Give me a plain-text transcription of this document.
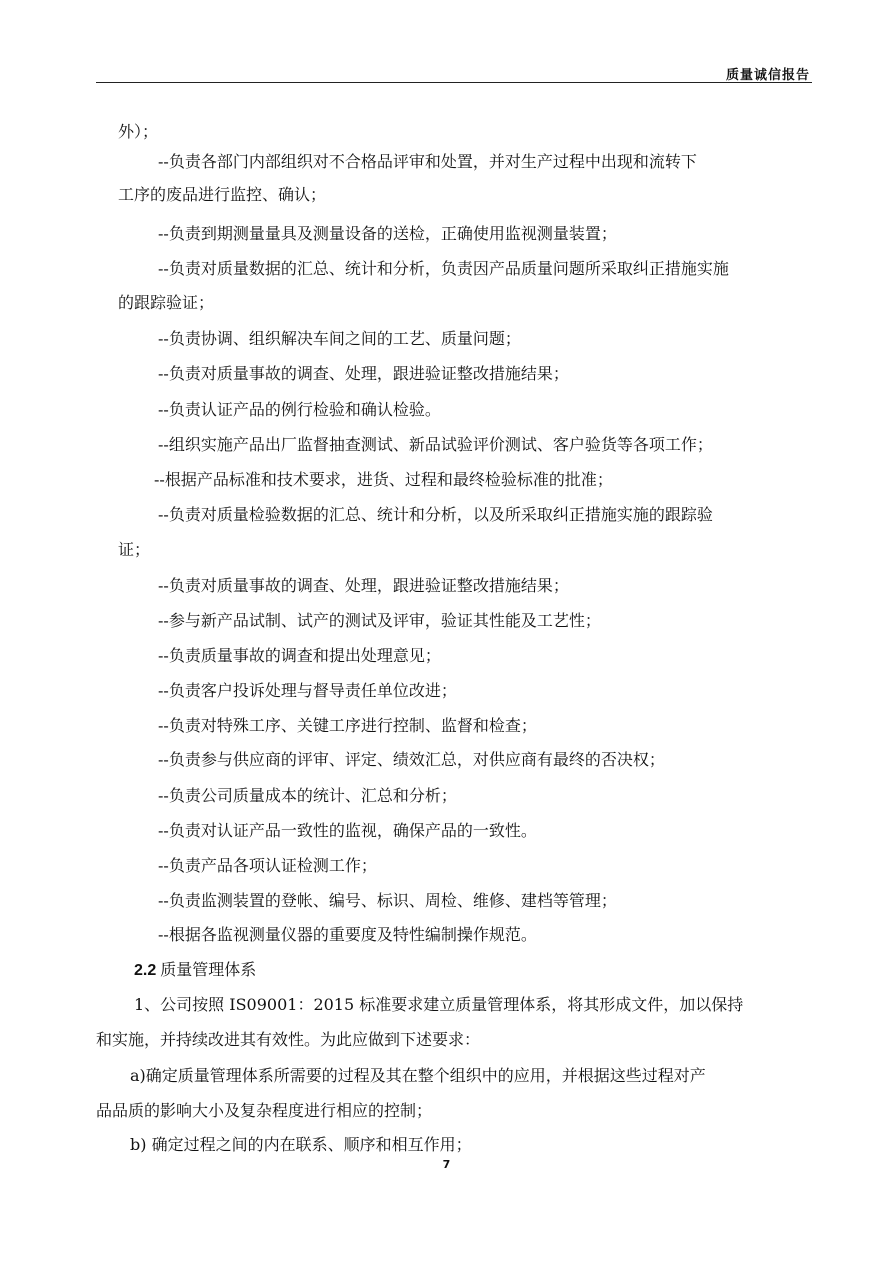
质量诚信报告
外）；
--负责各部门内部组织对不合格品评审和处置，并对生产过程中出现和流转下
工序的废品进行监控、确认；
--负责到期测量量具及测量设备的送检，正确使用监视测量装置；
--负责对质量数据的汇总、统计和分析，负责因产品质量问题所采取纠正措施实施
的跟踪验证；
--负责协调、组织解决车间之间的工艺、质量问题；
--负责对质量事故的调查、处理，跟进验证整改措施结果；
--负责认证产品的例行检验和确认检验。
--组织实施产品出厂监督抽查测试、新品试验评价测试、客户验货等各项工作；
--根据产品标准和技术要求，进货、过程和最终检验标准的批准；
--负责对质量检验数据的汇总、统计和分析，以及所采取纠正措施实施的跟踪验
证；
--负责对质量事故的调查、处理，跟进验证整改措施结果；
--参与新产品试制、试产的测试及评审，验证其性能及工艺性；
--负责质量事故的调查和提出处理意见；
--负责客户投诉处理与督导责任单位改进；
--负责对特殊工序、关键工序进行控制、监督和检查；
--负责参与供应商的评审、评定、绩效汇总，对供应商有最终的否决权；
--负责公司质量成本的统计、汇总和分析；
--负责对认证产品一致性的监视，确保产品的一致性。
--负责产品各项认证检测工作；
--负责监测装置的登帐、编号、标识、周检、维修、建档等管理；
--根据各监视测量仪器的重要度及特性编制操作规范。
2.2 质量管理体系
1、公司按照 IS09001：2015 标准要求建立质量管理体系，将其形成文件，加以保持
和实施，并持续改进其有效性。为此应做到下述要求：
a)确定质量管理体系所需要的过程及其在整个组织中的应用，并根据这些过程对产
品品质的影响大小及复杂程度进行相应的控制；
b) 确定过程之间的内在联系、顺序和相互作用；
7
